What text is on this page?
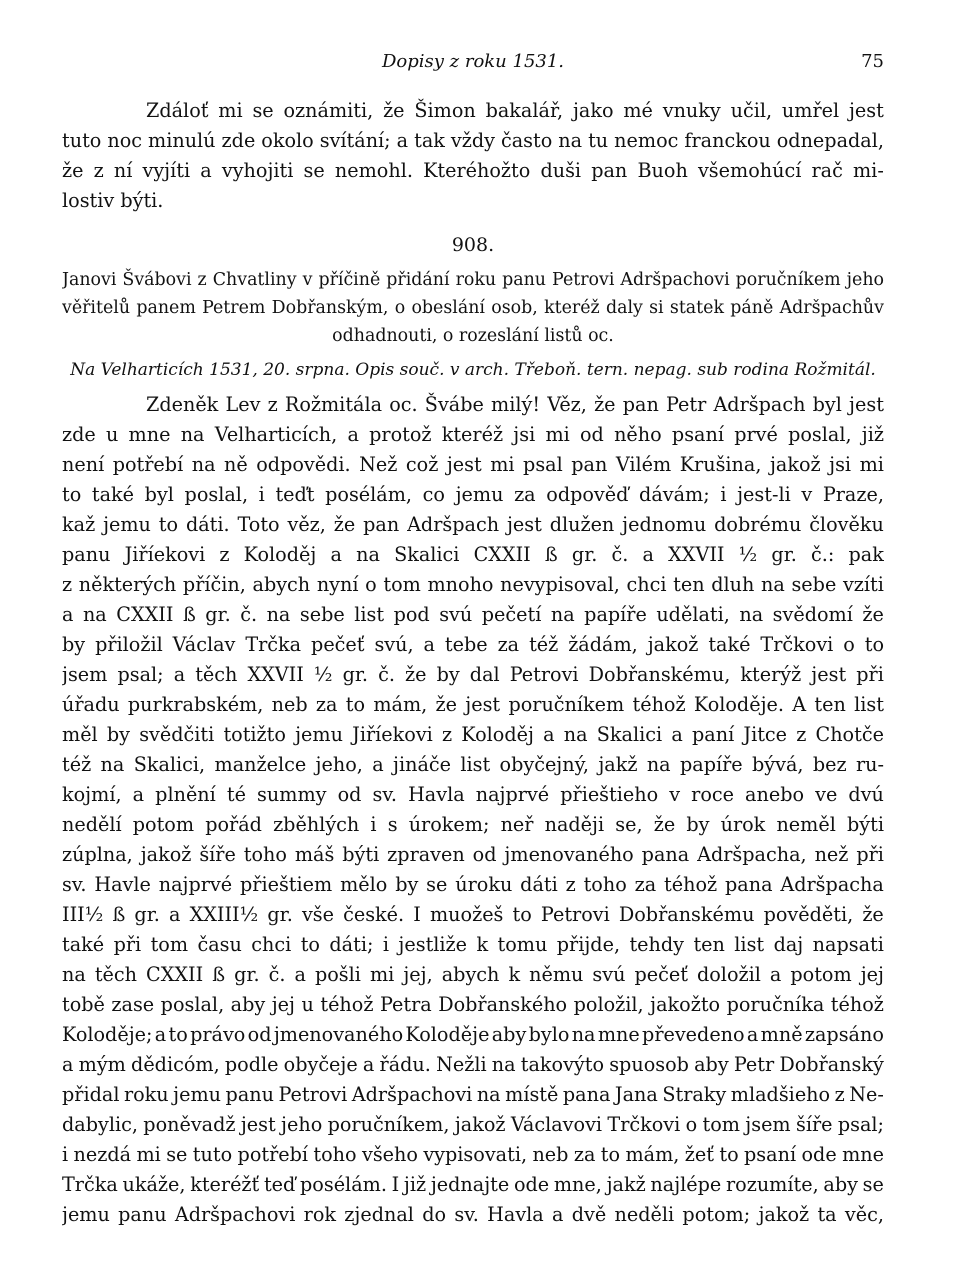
Dopisy z roku 1531.	75
Zdáloť mi se oznámiti, že Šimon bakalář, jako mé vnuky učil, umřel jest
tuto noc minulú zde okolo svítání; a tak vždy často na tu nemoc franckou odnepadal,
že z ní vyjíti a vyhojiti se nemohl. Kteréhožto duši pan Buoh všemohúcí rač mi-
lostiv býti.
908.
Janovi Švábovi z Chvatliny v příčině přidání roku panu Petrovi Adršpachovi poručníkem jeho
věřitelů panem Petrem Dobřanským, o obeslání osob, kteréž daly si statek páně Adršpachův
odhadnouti, o rozeslání listů oc.
Na Velharticích 1531, 20. srpna. Opis souč. v arch. Třeboň. tern. nepag. sub rodina Rožmitál.
Zdeněk Lev z Rožmitála oc. Švábe milý! Věz, že pan Petr Adršpach byl jest
zde u mne na Velharticích, a protož kteréž jsi mi od něho psaní prvé poslal, již
není potřebí na ně odpovědi. Než což jest mi psal pan Vilém Krušina, jakož jsi mi
to také byl poslal, i teďt posélám, co jemu za odpověď dávám; i jest-li v Praze,
kaž jemu to dáti. Toto věz, že pan Adršpach jest dlužen jednomu dobrému člověku
panu Jiříekovi z Koloděj a na Skalici CXXII ß gr. č. a XXVII ½ gr. č.: pak
z některých příčin, abych nyní o tom mnoho nevypisoval, chci ten dluh na sebe vzíti
a na CXXII ß gr. č. na sebe list pod svú pečetí na papíře udělati, na svědomí že
by přiložil Václav Trčka pečeť svú, a tebe za též žádám, jakož také Trčkovi o to
jsem psal; a těch XXVII ½ gr. č. že by dal Petrovi Dobřanskému, kterýž jest při
úřadu purkrabském, neb za to mám, že jest poručníkem téhož Koloděje. A ten list
měl by svědčiti totižto jemu Jiříekovi z Koloděj a na Skalici a paní Jitce z Chotče
též na Skalici, manželce jeho, a jináče list obyčejný, jakž na papíře bývá, bez ru-
kojmí, a plnění té summy od sv. Havla najprvé přieštieho v roce anebo ve dvú
nedělí potom pořád zběhlých i s úrokem; neř naději se, že by úrok neměl býti
zúplna, jakož šíře toho máš býti zpraven od jmenovaného pana Adršpacha, než při
sv. Havle najprvé přieštiem mělo by se úroku dáti z toho za téhož pana Adršpacha
III½ ß gr. a XXIII½ gr. vše české. I muožeš to Petrovi Dobřanskému pověděti, že
také při tom času chci to dáti; i jestliže k tomu přijde, tehdy ten list daj napsati
na těch CXXII ß gr. č. a pošli mi jej, abych k němu svú pečeť doložil a potom jej
tobě zase poslal, aby jej u téhož Petra Dobřanského položil, jakožto poručníka téhož
Koloděje; a to právo od jmenovaného Koloděje aby bylo na mne převedeno a mně zapsáno
a mým dědicóm, podle obyčeje a řádu. Nežli na takovýto spuosob aby Petr Dobřanský
přidal roku jemu panu Petrovi Adršpachovi na místě pana Jana Straky mladšieho z Ne-
dabylic, poněvadž jest jeho poručníkem, jakož Václavovi Trčkovi o tom jsem šíře psal;
i nezdá mi se tuto potřebí toho všeho vypisovati, neb za to mám, žeť to psaní ode mne
Trčka ukáže, kteréžť teď posélám. I již jednajte ode mne, jakž najlépe rozumíte, aby se
jemu panu Adršpachovi rok zjednal do sv. Havla a dvě neděli potom; jakož ta věc,
